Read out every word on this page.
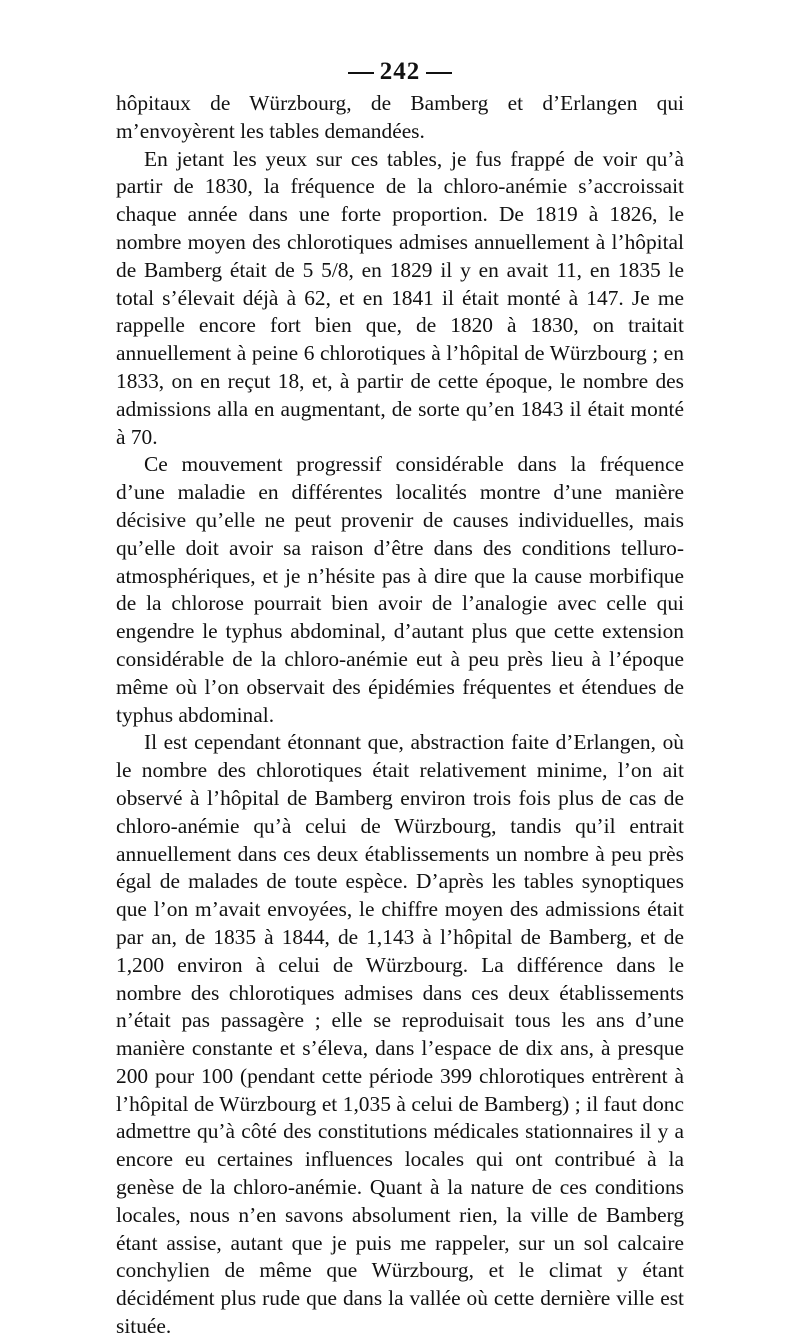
242

hôpitaux de Würzbourg, de Bamberg et d’Erlangen qui m’envoyèrent les tables demandées.

En jetant les yeux sur ces tables, je fus frappé de voir qu’à partir de 1830, la fréquence de la chloro-anémie s’accroissait chaque année dans une forte proportion. De 1819 à 1826, le nombre moyen des chlorotiques admises annuellement à l’hôpital de Bamberg était de 5 5/8, en 1829 il y en avait 11, en 1835 le total s’élevait déjà à 62, et en 1841 il était monté à 147. Je me rappelle encore fort bien que, de 1820 à 1830, on traitait annuellement à peine 6 chlorotiques à l’hôpital de Würzbourg ; en 1833, on en reçut 18, et, à partir de cette époque, le nombre des admissions alla en augmentant, de sorte qu’en 1843 il était monté à 70.

Ce mouvement progressif considérable dans la fréquence d’une maladie en différentes localités montre d’une manière décisive qu’elle ne peut provenir de causes individuelles, mais qu’elle doit avoir sa raison d’être dans des conditions telluro-atmosphériques, et je n’hésite pas à dire que la cause morbifique de la chlorose pourrait bien avoir de l’analogie avec celle qui engendre le typhus abdominal, d’autant plus que cette extension considérable de la chloro-anémie eut à peu près lieu à l’époque même où l’on observait des épidémies fréquentes et étendues de typhus abdominal.

Il est cependant étonnant que, abstraction faite d’Erlangen, où le nombre des chlorotiques était relativement minime, l’on ait observé à l’hôpital de Bamberg environ trois fois plus de cas de chloro-anémie qu’à celui de Würzbourg, tandis qu’il entrait annuellement dans ces deux établissements un nombre à peu près égal de malades de toute espèce. D’après les tables synoptiques que l’on m’avait envoyées, le chiffre moyen des admissions était par an, de 1835 à 1844, de 1,143 à l’hôpital de Bamberg, et de 1,200 environ à celui de Würzbourg. La différence dans le nombre des chlorotiques admises dans ces deux établissements n’était pas passagère ; elle se reproduisait tous les ans d’une manière constante et s’éleva, dans l’espace de dix ans, à presque 200 pour 100 (pendant cette période 399 chlorotiques entrèrent à l’hôpital de Würzbourg et 1,035 à celui de Bamberg) ; il faut donc admettre qu’à côté des constitutions médicales stationnaires il y a encore eu certaines influences locales qui ont contribué à la genèse de la chloro-anémie. Quant à la nature de ces conditions locales, nous n’en savons absolument rien, la ville de Bamberg étant assise, autant que je puis me rappeler, sur un sol calcaire conchylien de même que Würzbourg, et le climat y étant décidément plus rude que dans la vallée où cette dernière ville est située.
